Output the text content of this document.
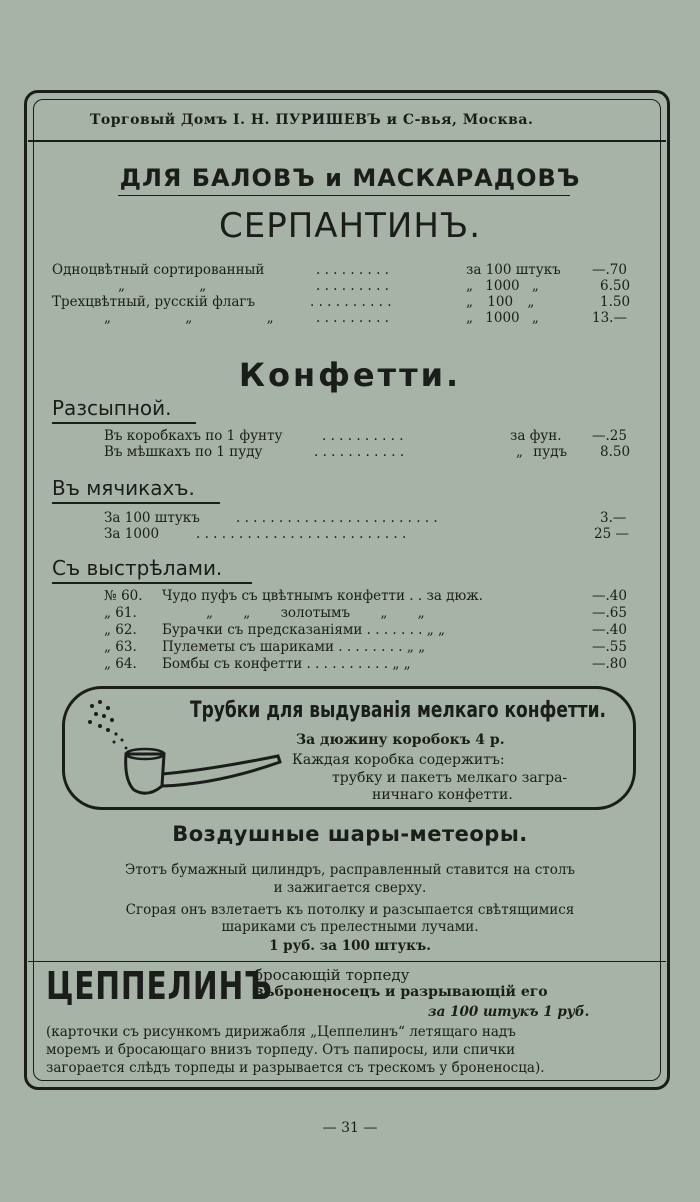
Торговый Домъ І. Н. ПУРИШЕВЪ и С-вья, Москва.
ДЛЯ БАЛОВЪ и МАСКАРАДОВЪ
СЕРПАНТИНЪ.
Одноцвѣтный сортированный	. . . . . . . . .	за 100 штукъ —.70
„ „	. . . . . . . . .	„ 1000 „	6.50
Трехцвѣтный, русскій флагъ	. . . . . . . . . .	„ 100 „	1.50
„ „ „	. . . . . . . . .	„ 1000 „	13.—
Конфетти.
Разсыпной.
Въ коробкахъ по 1 фунту	. . . . . . . . . .	за фун. —.25
Въ мѣшкахъ по 1 пуду	. . . . . . . . . . .	„ пудъ 8.50
Въ мячикахъ.
За 100 штукъ	. . . . . . . . . . . . . . . . . . . . . . . .	3.—
За 1000	. . . . . . . . . . . . . . . . . . . . . . . . .	25 —
Съ выстрѣлами.
№ 60. Чудо пуфъ съ цвѣтнымъ конфетти . . за дюж.	—.40
„ 61.	„ „ золотымъ „ „	—.65
„ 62. Бурачки съ предсказаніями . . . . . . . „ „	—.40
„ 63. Пулеметы съ шариками . . . . . . . . „ „	—.55
„ 64. Бомбы съ конфетти . . . . . . . . . . „ „	—.80
Трубки для выдуванія мелкаго конфетти.
За дюжину коробокъ 4 р.
Каждая коробка содержитъ:
трубку и пакетъ мелкаго загра-
ничнаго конфетти.
Воздушные шары-метеоры.
Этотъ бумажный цилиндръ, расправленный ставится на столъ
и зажигается сверху.
Сгорая онъ взлетаетъ къ потолку и разсыпается свѣтящимися
шариками съ прелестными лучами.
1 руб. за 100 штукъ.
ЦЕППЕЛИНЪ
бросающій торпеду
въброненосецъ и разрывающій его
за 100 штукъ 1 руб.
(карточки съ рисункомъ дирижабля „Цеппелинъ“ летящаго надъ
моремъ и бросающаго внизъ торпеду. Отъ папиросы, или спички
загорается слѣдъ торпеды и разрывается съ трескомъ у броненосца).
— 31 —
